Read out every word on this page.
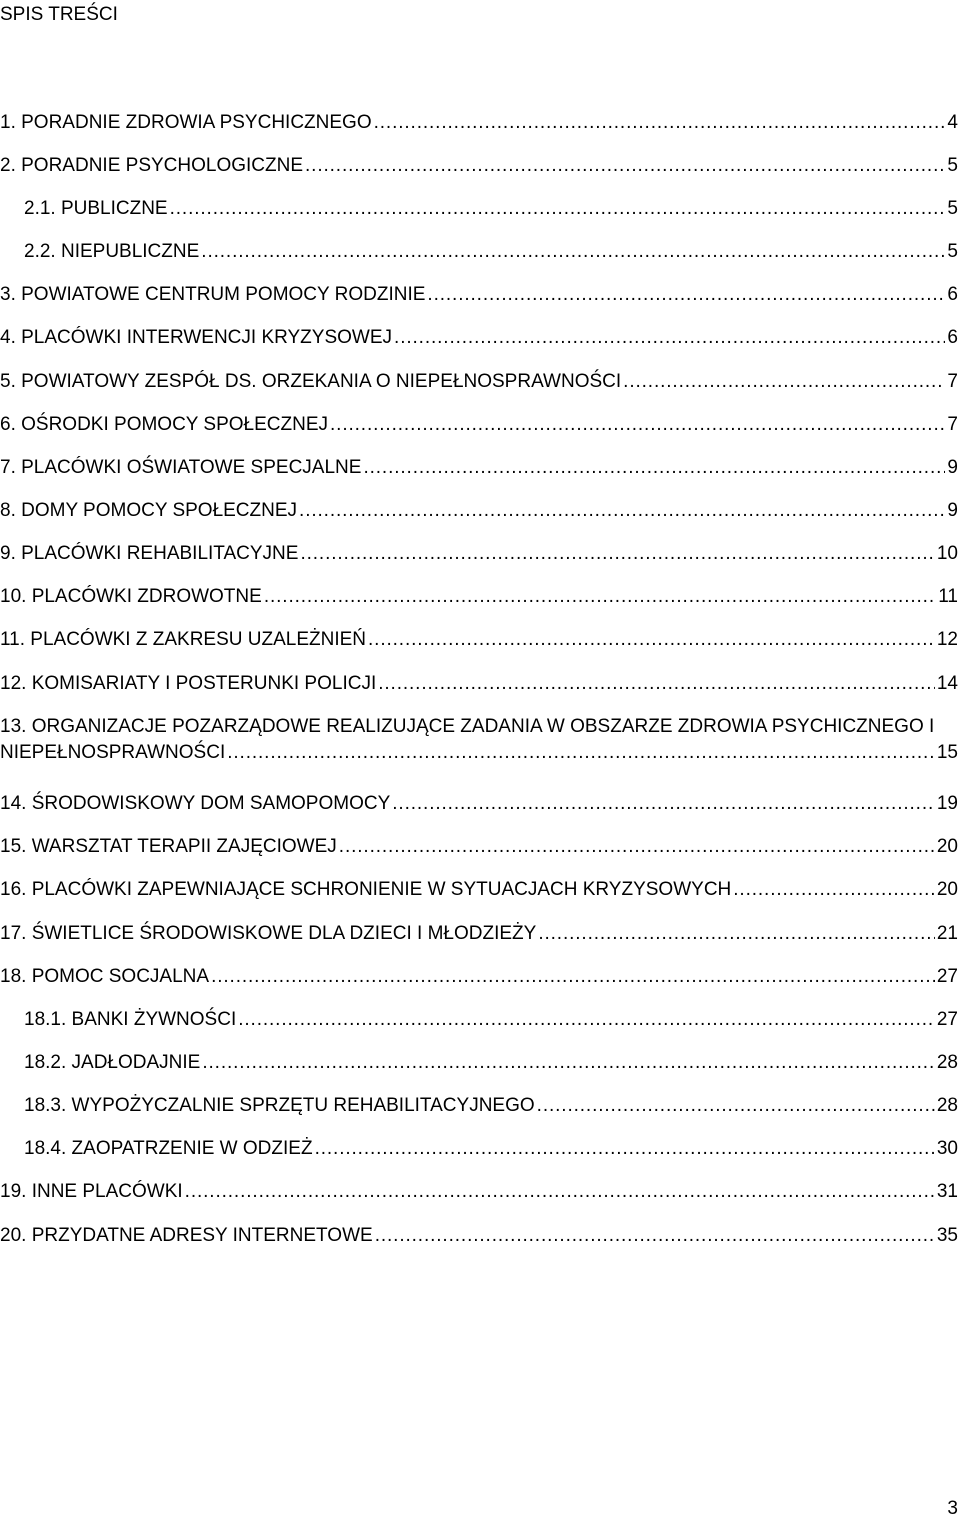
SPIS TREŚCI
1. PORADNIE ZDROWIA PSYCHICZNEGO . . .	4
2. PORADNIE PSYCHOLOGICZNE . . .	5
2.1. PUBLICZNE . . .	5
2.2. NIEPUBLICZNE . . .	5
3. POWIATOWE CENTRUM POMOCY RODZINIE . . .	6
4. PLACÓWKI INTERWENCJI KRYZYSOWEJ . . .	6
5. POWIATOWY ZESPÓŁ DS. ORZEKANIA O NIEPEŁNOSPRAWNOŚCI . . .	7
6. OŚRODKI POMOCY SPOŁECZNEJ . . .	7
7. PLACÓWKI OŚWIATOWE SPECJALNE . . .	9
8. DOMY POMOCY SPOŁECZNEJ . . .	9
9. PLACÓWKI REHABILITACYJNE . . .	10
10. PLACÓWKI ZDROWOTNE . . .	11
11. PLACÓWKI Z ZAKRESU UZALEŻNIEŃ . . .	12
12. KOMISARIATY I POSTERUNKI POLICJI . . .	14
13. ORGANIZACJE POZARZĄDOWE REALIZUJĄCE ZADANIA W OBSZARZE ZDROWIA PSYCHICZNEGO I
NIEPEŁNOSPRAWNOŚCI . . .	15
14. ŚRODOWISKOWY DOM SAMOPOMOCY . . .	19
15. WARSZTAT TERAPII ZAJĘCIOWEJ . . .	20
16. PLACÓWKI ZAPEWNIAJĄCE SCHRONIENIE W SYTUACJACH KRYZYSOWYCH . . .	20
17. ŚWIETLICE ŚRODOWISKOWE DLA DZIECI I MŁODZIEŻY . . .	21
18. POMOC SOCJALNA . . .	27
18.1. BANKI ŻYWNOŚCI . . .	27
18.2. JADŁODAJNIE . . .	28
18.3. WYPOŻYCZALNIE SPRZĘTU REHABILITACYJNEGO . . .	28
18.4. ZAOPATRZENIE W ODZIEŻ . . .	30
19. INNE PLACÓWKI . . .	31
20. PRZYDATNE ADRESY INTERNETOWE . . .	35
3
